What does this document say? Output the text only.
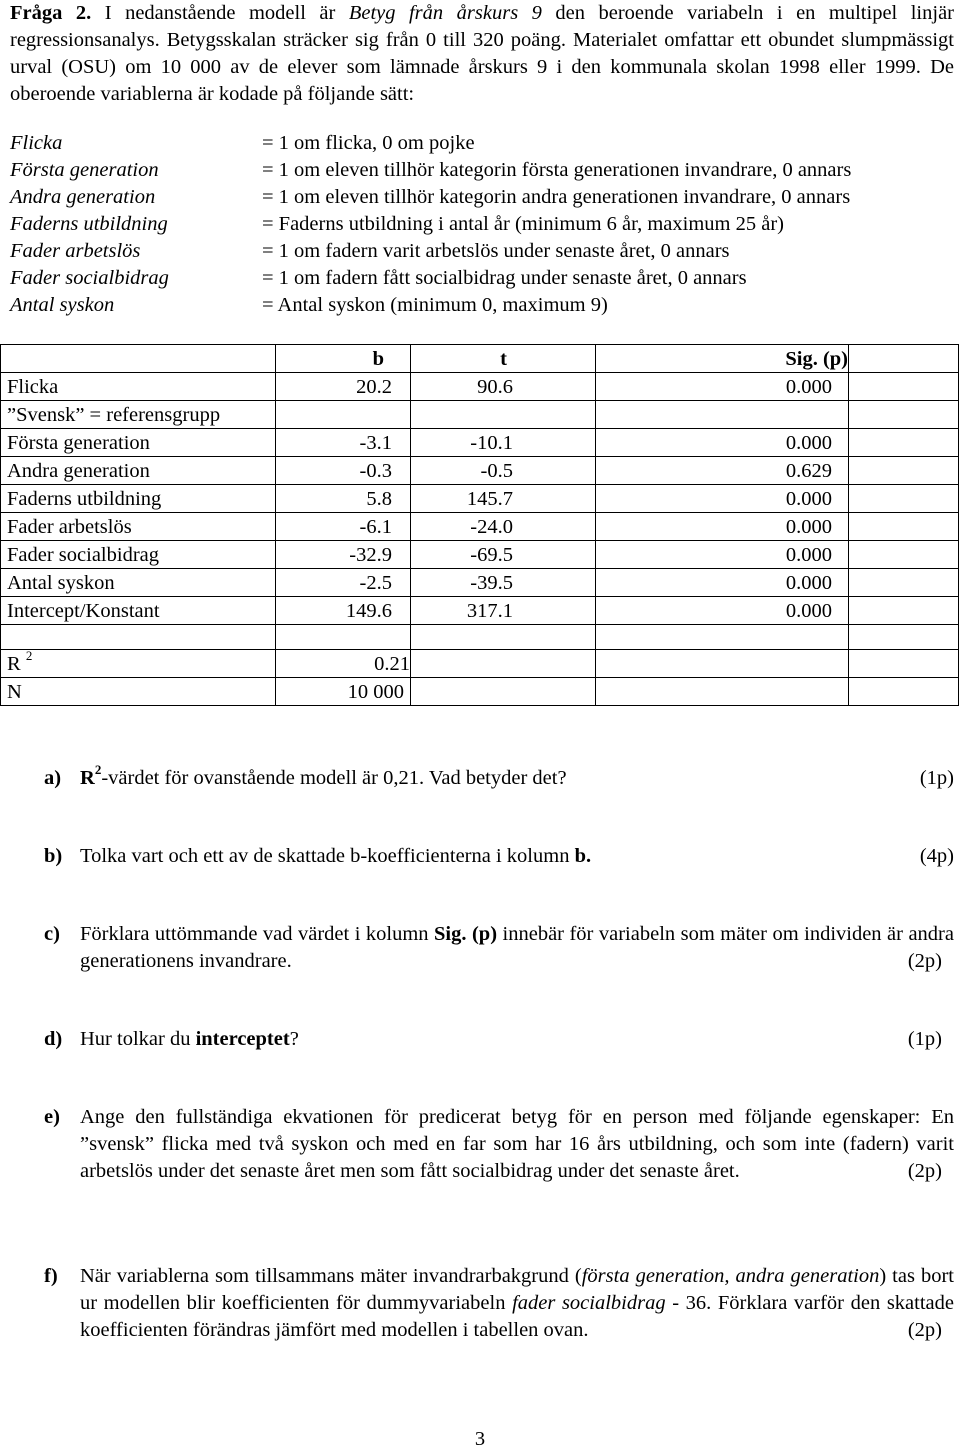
Fråga 2. I nedanstående modell är Betyg från årskurs 9 den beroende variabeln i en multipel linjär regressionsanalys. Betygsskalan sträcker sig från 0 till 320 poäng. Materialet omfattar ett obundet slumpmässigt urval (OSU) om 10 000 av de elever som lämnade årskurs 9 i den kommunala skolan 1998 eller 1999. De oberoende variablerna är kodade på följande sätt:

Flicka	= 1 om flicka, 0 om pojke
Första generation	= 1 om eleven tillhör kategorin första generationen invandrare, 0 annars
Andra generation	= 1 om eleven tillhör kategorin andra generationen invandrare, 0 annars
Faderns utbildning	= Faderns utbildning i antal år (minimum 6 år, maximum 25 år)
Fader arbetslös	= 1 om fadern varit arbetslös under senaste året, 0 annars
Fader socialbidrag	= 1 om fadern fått socialbidrag under senaste året, 0 annars
Antal syskon	= Antal syskon (minimum 0, maximum 9)
	b	t	Sig. (p)	
Flicka	20.2	90.6	0.000	
”Svensk” = referensgrupp				
Första generation	-3.1	-10.1	0.000	
Andra generation	-0.3	-0.5	0.629	
Faderns utbildning	5.8	145.7	0.000	
Fader arbetslös	-6.1	-24.0	0.000	
Fader socialbidrag	-32.9	-69.5	0.000	
Antal syskon	-2.5	-39.5	0.000	
Intercept/Konstant	149.6	317.1	0.000	

R $^2$	0.21			
N	10 000			
a) $R^2$-värdet för ovanstående modell är 0,21. Vad betyder det?	(1p)
b) Tolka vart och ett av de skattade b-koefficienterna i kolumn b.	(4p)
c) Förklara uttömmande vad värdet i kolumn Sig. (p) innebär för variabeln som mäter om individen är andra generationens invandrare.	(2p)
d) Hur tolkar du interceptet?	(1p)
e) Ange den fullständiga ekvationen för predicerat betyg för en person med följande egenskaper: En ”svensk” flicka med två syskon och med en far som har 16 års utbildning, och som inte (fadern) varit arbetslös under det senaste året men som fått socialbidrag under det senaste året.	(2p)
f) När variablerna som tillsammans mäter invandrarbakgrund (första generation, andra generation) tas bort ur modellen blir koefficienten för dummyvariabeln fader socialbidrag - 36. Förklara varför den skattade koefficienten förändras jämfört med modellen i tabellen ovan.	(2p)
3
